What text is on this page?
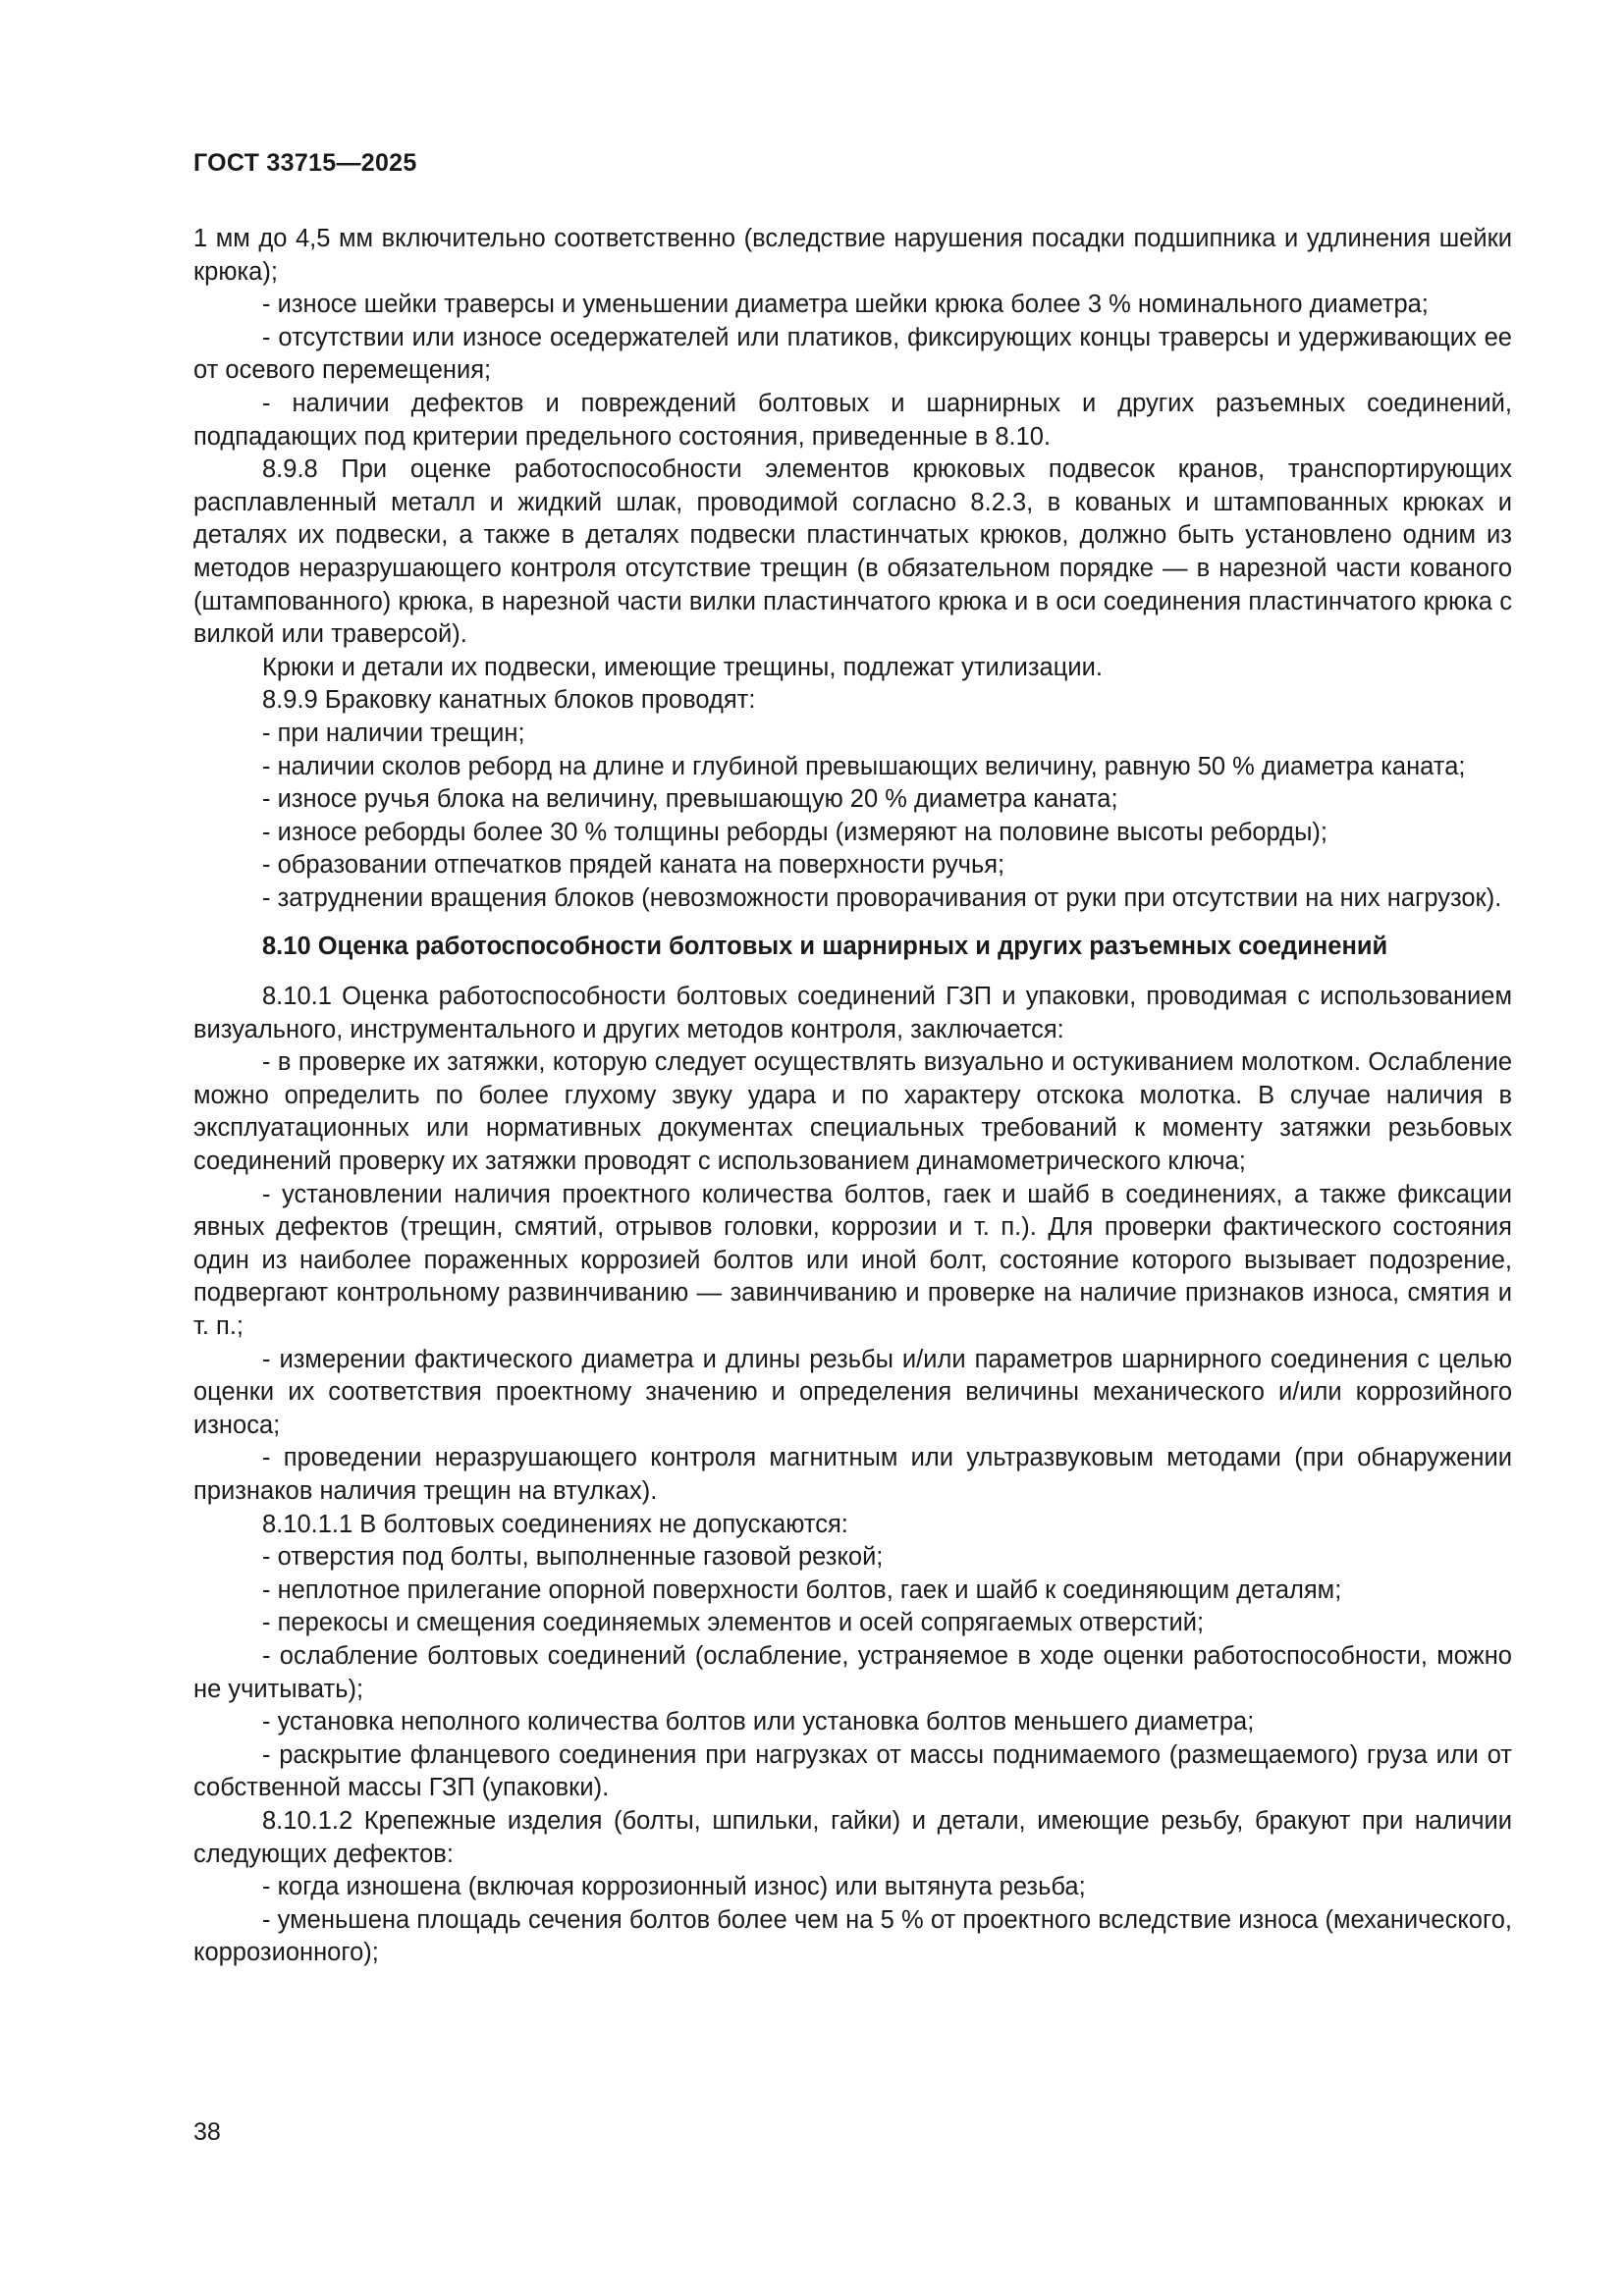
ГОСТ 33715—2025

1 мм до 4,5 мм включительно соответственно (вследствие нарушения посадки подшипника и удлинения шейки крюка);

- износе шейки траверсы и уменьшении диаметра шейки крюка более 3 % номинального диаметра;

- отсутствии или износе оседержателей или платиков, фиксирующих концы траверсы и удерживающих ее от осевого перемещения;

- наличии дефектов и повреждений болтовых и шарнирных и других разъемных соединений, подпадающих под критерии предельного состояния, приведенные в 8.10.

8.9.8 При оценке работоспособности элементов крюковых подвесок кранов, транспортирующих расплавленный металл и жидкий шлак, проводимой согласно 8.2.3, в кованых и штампованных крюках и деталях их подвески, а также в деталях подвески пластинчатых крюков, должно быть установлено одним из методов неразрушающего контроля отсутствие трещин (в обязательном порядке — в нарезной части кованого (штампованного) крюка, в нарезной части вилки пластинчатого крюка и в оси соединения пластинчатого крюка с вилкой или траверсой).

Крюки и детали их подвески, имеющие трещины, подлежат утилизации.

8.9.9 Браковку канатных блоков проводят:

- при наличии трещин;

- наличии сколов реборд на длине и глубиной превышающих величину, равную 50 % диаметра каната;

- износе ручья блока на величину, превышающую 20 % диаметра каната;

- износе реборды более 30 % толщины реборды (измеряют на половине высоты реборды);

- образовании отпечатков прядей каната на поверхности ручья;

- затруднении вращения блоков (невозможности проворачивания от руки при отсутствии на них нагрузок).

8.10 Оценка работоспособности болтовых и шарнирных и других разъемных соединений

8.10.1 Оценка работоспособности болтовых соединений ГЗП и упаковки, проводимая с использованием визуального, инструментального и других методов контроля, заключается:

- в проверке их затяжки, которую следует осуществлять визуально и остукиванием молотком. Ослабление можно определить по более глухому звуку удара и по характеру отскока молотка. В случае наличия в эксплуатационных или нормативных документах специальных требований к моменту затяжки резьбовых соединений проверку их затяжки проводят с использованием динамометрического ключа;

- установлении наличия проектного количества болтов, гаек и шайб в соединениях, а также фиксации явных дефектов (трещин, смятий, отрывов головки, коррозии и т. п.). Для проверки фактического состояния один из наиболее пораженных коррозией болтов или иной болт, состояние которого вызывает подозрение, подвергают контрольному развинчиванию — завинчиванию и проверке на наличие признаков износа, смятия и т. п.;

- измерении фактического диаметра и длины резьбы и/или параметров шарнирного соединения с целью оценки их соответствия проектному значению и определения величины механического и/или коррозийного износа;

- проведении неразрушающего контроля магнитным или ультразвуковым методами (при обнаружении признаков наличия трещин на втулках).

8.10.1.1 В болтовых соединениях не допускаются:

- отверстия под болты, выполненные газовой резкой;

- неплотное прилегание опорной поверхности болтов, гаек и шайб к соединяющим деталям;

- перекосы и смещения соединяемых элементов и осей сопрягаемых отверстий;

- ослабление болтовых соединений (ослабление, устраняемое в ходе оценки работоспособности, можно не учитывать);

- установка неполного количества болтов или установка болтов меньшего диаметра;

- раскрытие фланцевого соединения при нагрузках от массы поднимаемого (размещаемого) груза или от собственной массы ГЗП (упаковки).

8.10.1.2 Крепежные изделия (болты, шпильки, гайки) и детали, имеющие резьбу, бракуют при наличии следующих дефектов:

- когда изношена (включая коррозионный износ) или вытянута резьба;

- уменьшена площадь сечения болтов более чем на 5 % от проектного вследствие износа (механического, коррозионного);

38
